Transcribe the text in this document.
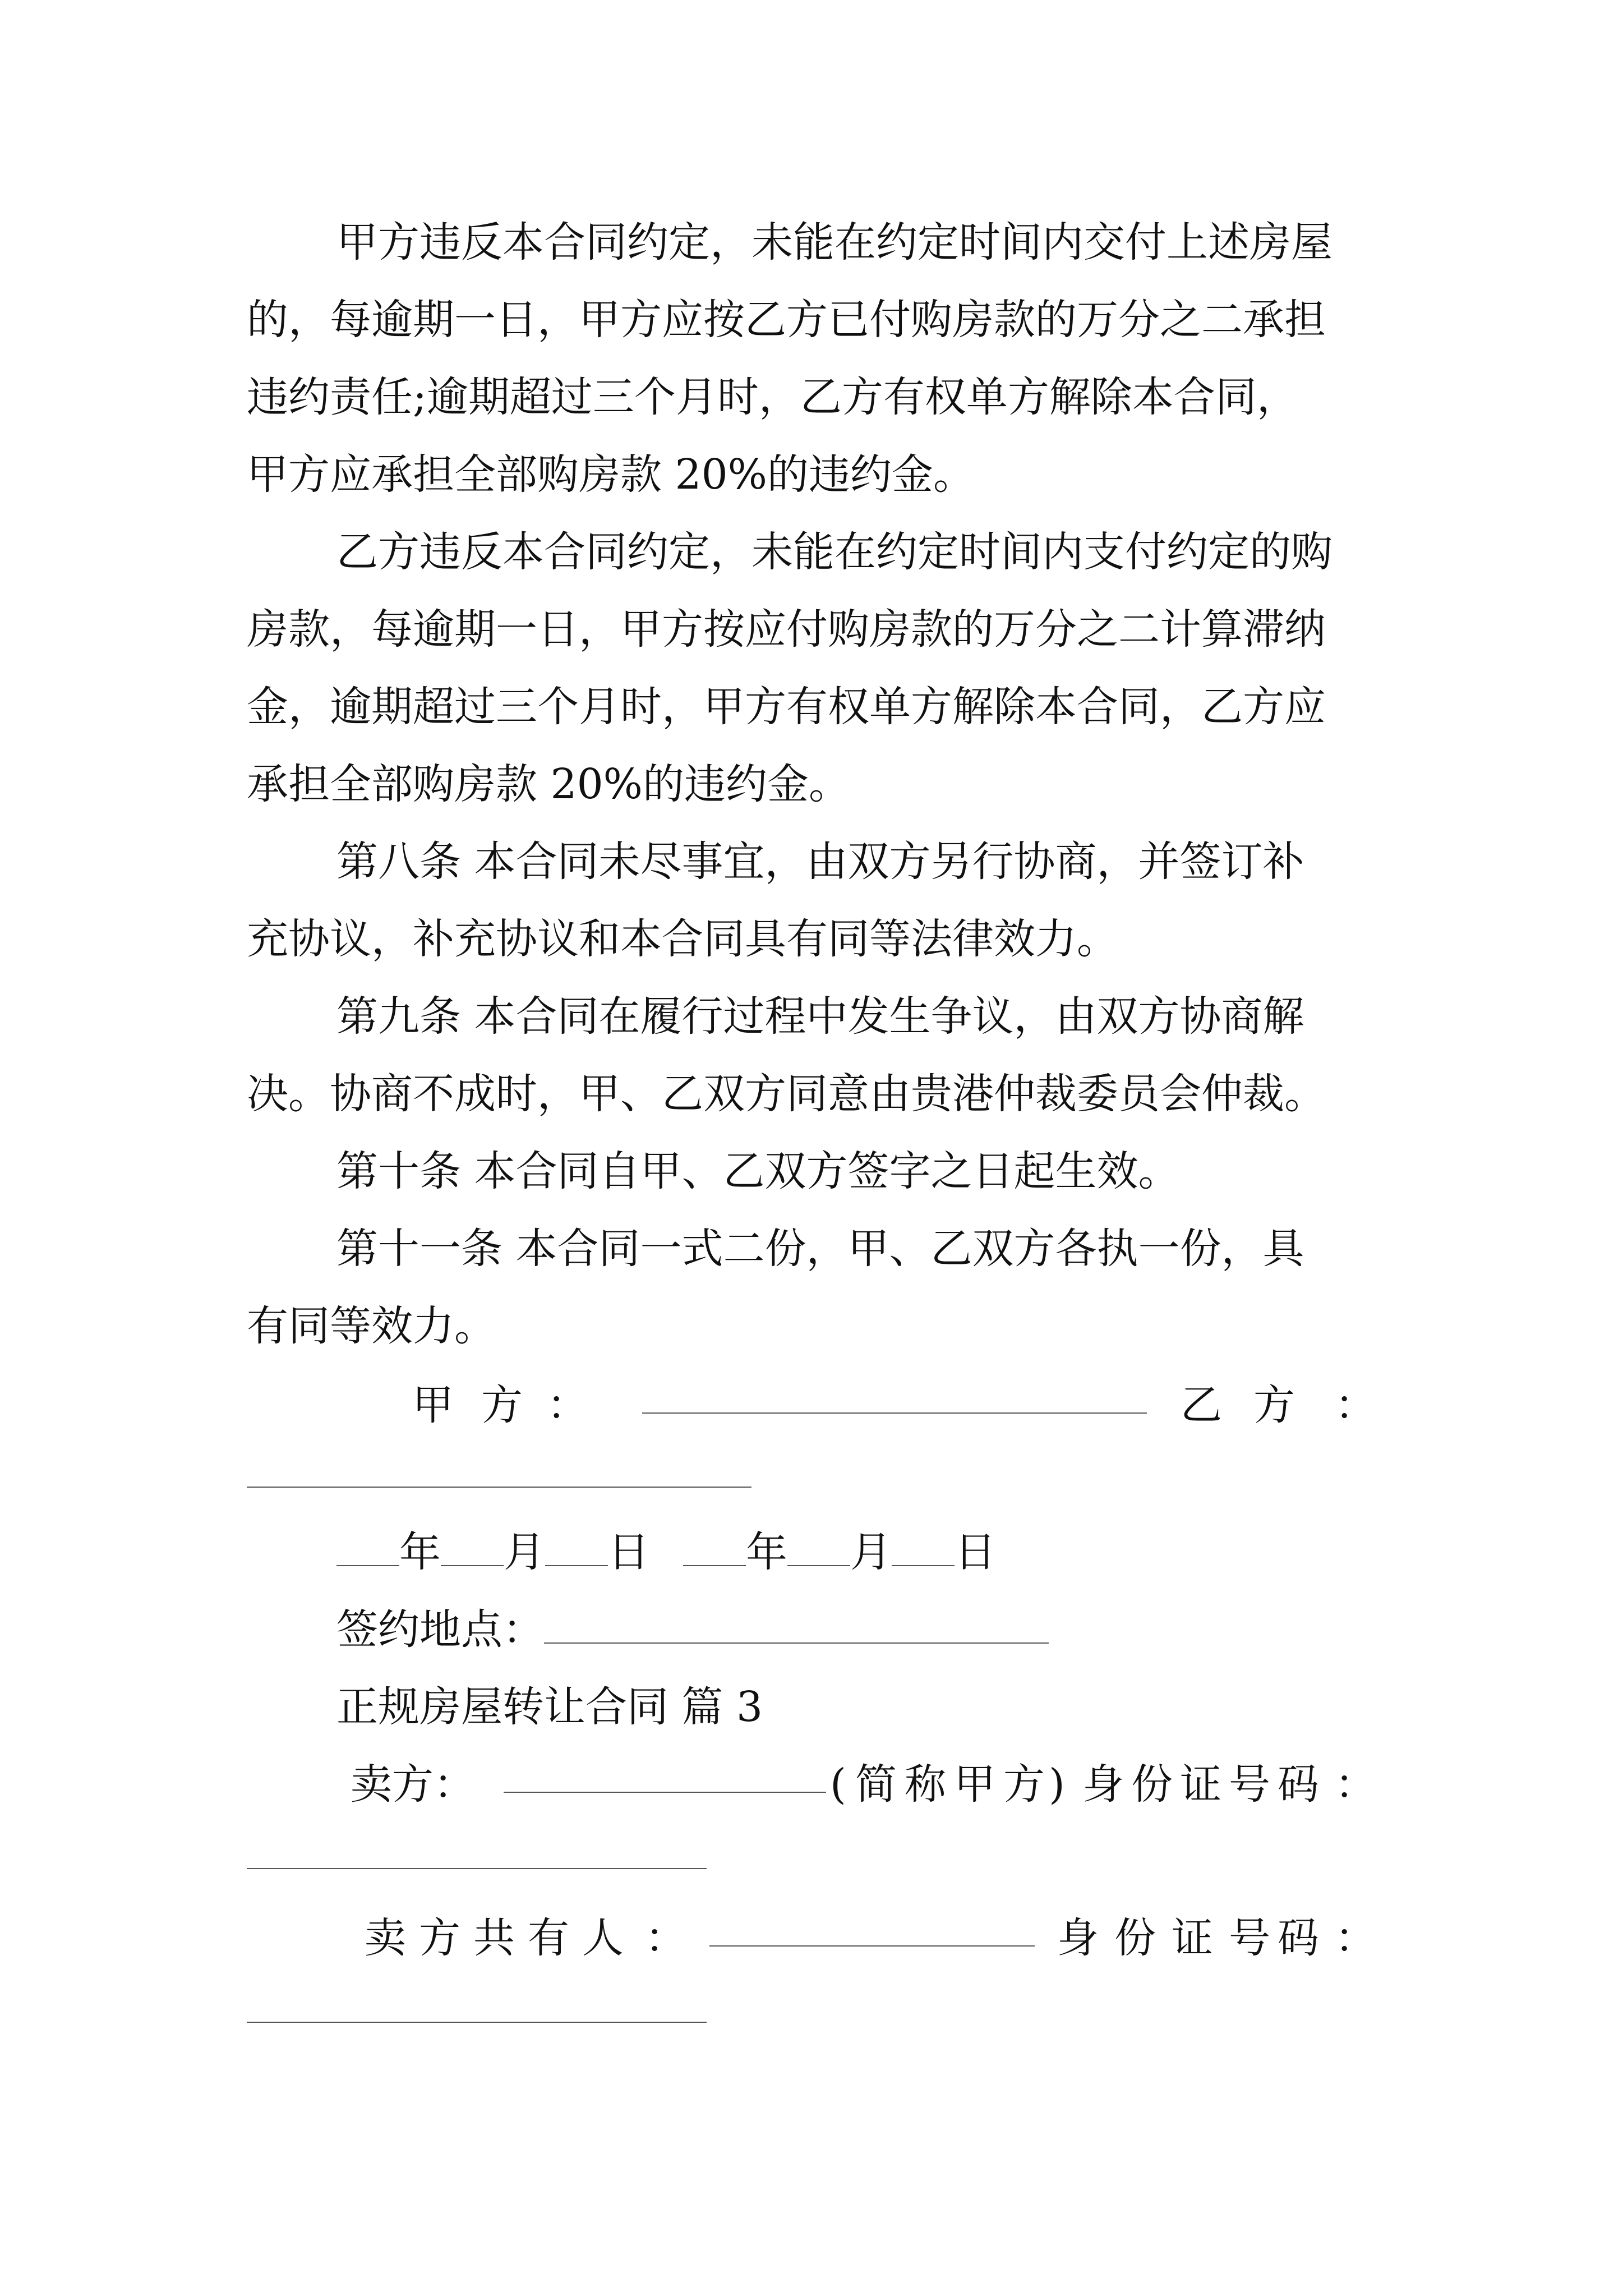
甲方违反本合同约定，未能在约定时间内交付上述房屋
的，每逾期一日，甲方应按乙方已付购房款的万分之二承担
违约责任;逾期超过三个月时，乙方有权单方解除本合同，
甲方应承担全部购房款 20%的违约金。
乙方违反本合同约定，未能在约定时间内支付约定的购
房款，每逾期一日，甲方按应付购房款的万分之二计算滞纳
金，逾期超过三个月时，甲方有权单方解除本合同，乙方应
承担全部购房款 20%的违约金。
第八条 本合同未尽事宜，由双方另行协商，并签订补
充协议，补充协议和本合同具有同等法律效力。
第九条 本合同在履行过程中发生争议，由双方协商解
决。协商不成时，甲、乙双方同意由贵港仲裁委员会仲裁。
第十条 本合同自甲、乙双方签字之日起生效。
第十一条 本合同一式二份，甲、乙双方各执一份，具
有同等效力。
甲 方 ：	乙 方 ：
年 月 日 年 月 日
签约地点：
正规房屋转让合同 篇 3
卖方：	( 简 称 甲 方 ) 身 份 证 号 码 ：
卖 方 共 有 人 ：	身 份 证 号 码 ：
